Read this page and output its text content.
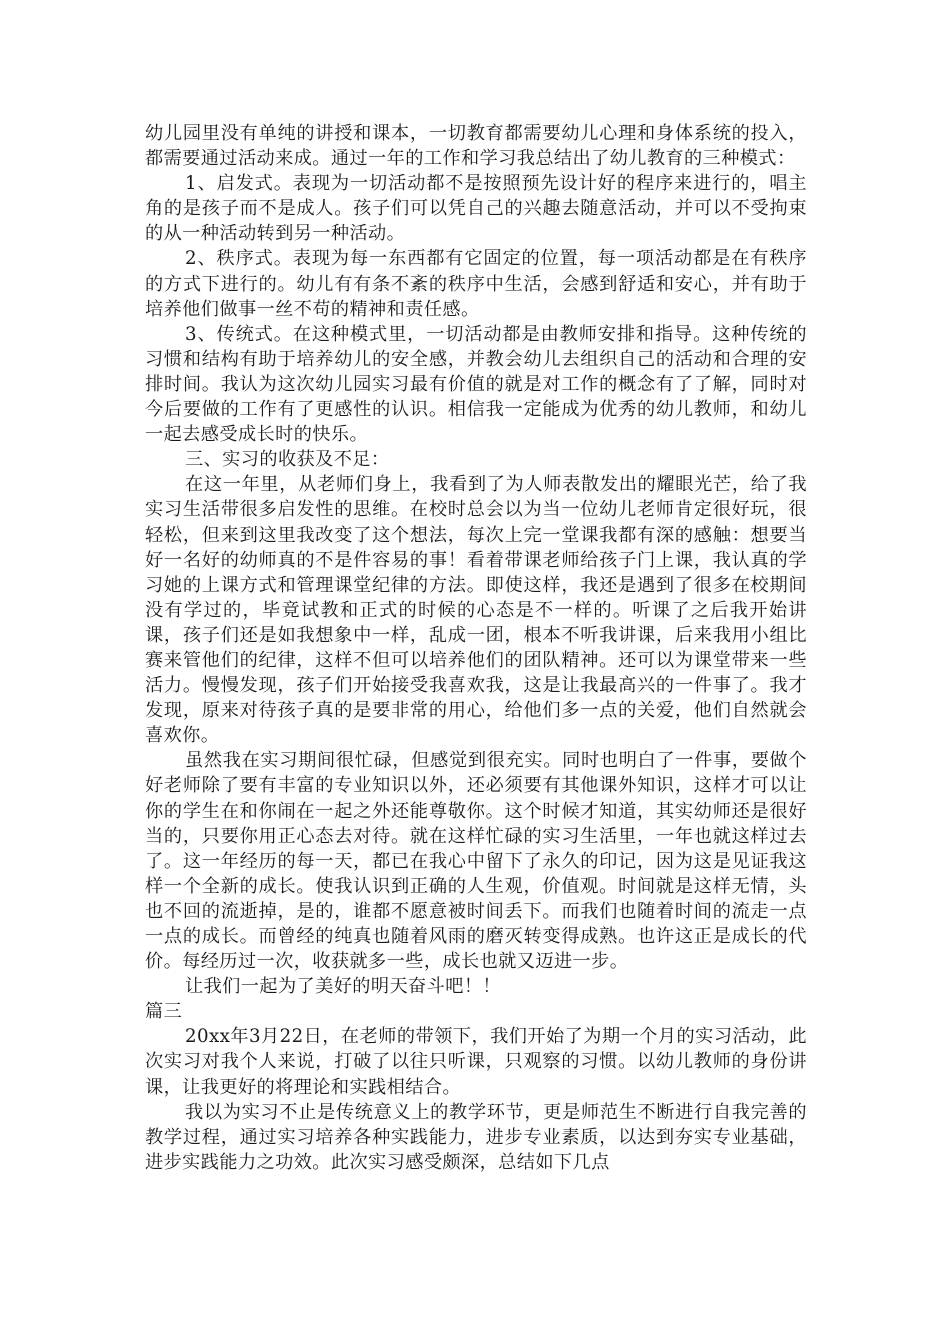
幼儿园里没有单纯的讲授和课本，一切教育都需要幼儿心理和身体系统的投入，都需要通过活动来成。通过一年的工作和学习我总结出了幼儿教育的三种模式：

1、启发式。表现为一切活动都不是按照预先设计好的程序来进行的，唱主角的是孩子而不是成人。孩子们可以凭自己的兴趣去随意活动，并可以不受拘束的从一种活动转到另一种活动。

2、秩序式。表现为每一东西都有它固定的位置，每一项活动都是在有秩序的方式下进行的。幼儿有有条不紊的秩序中生活，会感到舒适和安心，并有助于培养他们做事一丝不苟的精神和责任感。

3、传统式。在这种模式里，一切活动都是由教师安排和指导。这种传统的习惯和结构有助于培养幼儿的安全感，并教会幼儿去组织自己的活动和合理的安排时间。我认为这次幼儿园实习最有价值的就是对工作的概念有了了解，同时对今后要做的工作有了更感性的认识。相信我一定能成为优秀的幼儿教师，和幼儿一起去感受成长时的快乐。

三、实习的收获及不足：

在这一年里，从老师们身上，我看到了为人师表散发出的耀眼光芒，给了我实习生活带很多启发性的思维。在校时总会以为当一位幼儿老师肯定很好玩，很轻松，但来到这里我改变了这个想法，每次上完一堂课我都有深的感触：想要当好一名好的幼师真的不是件容易的事！看着带课老师给孩子门上课，我认真的学习她的上课方式和管理课堂纪律的方法。即使这样，我还是遇到了很多在校期间没有学过的，毕竟试教和正式的时候的心态是不一样的。听课了之后我开始讲课，孩子们还是如我想象中一样，乱成一团，根本不听我讲课，后来我用小组比赛来管他们的纪律，这样不但可以培养他们的团队精神。还可以为课堂带来一些活力。慢慢发现，孩子们开始接受我喜欢我，这是让我最高兴的一件事了。我才发现，原来对待孩子真的是要非常的用心，给他们多一点的关爱，他们自然就会喜欢你。

虽然我在实习期间很忙碌，但感觉到很充实。同时也明白了一件事，要做个好老师除了要有丰富的专业知识以外，还必须要有其他课外知识，这样才可以让你的学生在和你闹在一起之外还能尊敬你。这个时候才知道，其实幼师还是很好当的，只要你用正心态去对待。就在这样忙碌的实习生活里，一年也就这样过去了。这一年经历的每一天，都已在我心中留下了永久的印记，因为这是见证我这样一个全新的成长。使我认识到正确的人生观，价值观。时间就是这样无情，头也不回的流逝掉，是的，谁都不愿意被时间丢下。而我们也随着时间的流走一点一点的成长。而曾经的纯真也随着风雨的磨灭转变得成熟。也许这正是成长的代价。每经历过一次，收获就多一些，成长也就又迈进一步。

让我们一起为了美好的明天奋斗吧！！

篇三

20xx年3月22日，在老师的带领下，我们开始了为期一个月的实习活动，此次实习对我个人来说，打破了以往只听课，只观察的习惯。以幼儿教师的身份讲课，让我更好的将理论和实践相结合。

我以为实习不止是传统意义上的教学环节，更是师范生不断进行自我完善的教学过程，通过实习培养各种实践能力，进步专业素质，以达到夯实专业基础，进步实践能力之功效。此次实习感受颇深，总结如下几点
